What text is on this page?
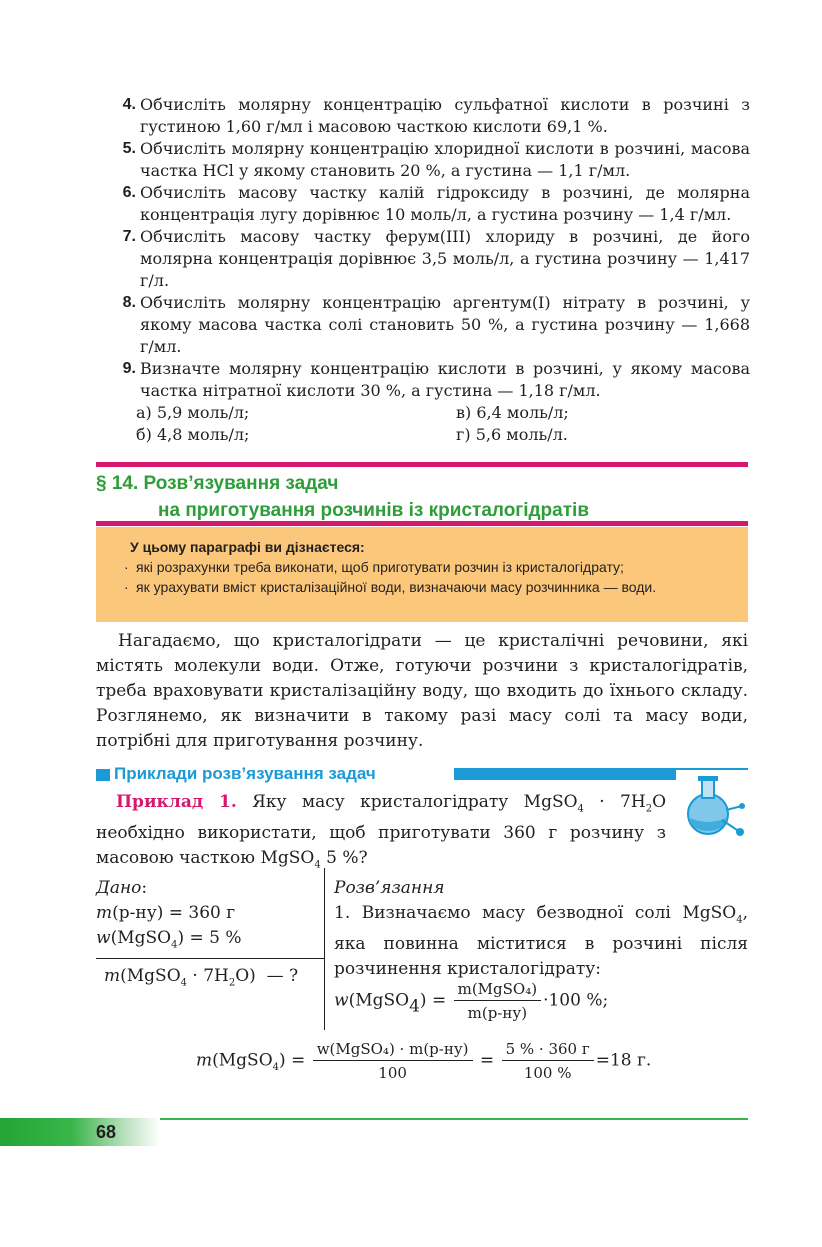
4. Обчисліть молярну концентрацію сульфатної кислоти в розчині з густиною 1,60 г/мл і масовою часткою кислоти 69,1 %.
5. Обчисліть молярну концентрацію хлоридної кислоти в розчині, масова частка HCl у якому становить 20 %, а густина — 1,1 г/мл.
6. Обчисліть масову частку калій гідроксиду в розчині, де молярна концентрація лугу дорівнює 10 моль/л, а густина розчину — 1,4 г/мл.
7. Обчисліть масову частку ферум(III) хлориду в розчині, де його молярна концентрація дорівнює 3,5 моль/л, а густина розчину — 1,417 г/л.
8. Обчисліть молярну концентрацію аргентум(I) нітрату в розчині, у якому масова частка солі становить 50 %, а густина розчину — 1,668 г/мл.
9. Визначте молярну концентрацію кислоти в розчині, у якому масова частка нітратної кислоти 30 %, а густина — 1,18 г/мл.
а) 5,9 моль/л;	в) 6,4 моль/л;
б) 4,8 моль/л;	г) 5,6 моль/л.
§ 14. Розв’язування задач
на приготування розчинів із кристалогідратів
У цьому параграфі ви дізнаєтеся:
· які розрахунки треба виконати, щоб приготувати розчин із кристалогідрату;
· як урахувати вміст кристалізаційної води, визначаючи масу розчинника — води.
Нагадаємо, що кристалогідрати — це кристалічні речовини, які містять молекули води. Отже, готуючи розчини з кристалогідратів, треба враховувати кристалізаційну воду, що входить до їхнього складу. Розглянемо, як визначити в такому разі масу солі та масу води, потрібні для приготування розчину.
Приклади розв’язування задач
Приклад 1. Яку масу кристалогідрату MgSO$_4$ · $7H_2O$ необхідно використати, щоб приготувати 360 г розчину з масовою часткою MgSO$_4$ 5 %?
Дано:
m(р-ну) = 360 г
w(MgSO$_4$) = 5 %
m(MgSO$_4$ · $7H_2O$)  — ?
Розв’язання
1. Визначаємо масу безводної солі MgSO$_4$, яка повинна міститися в розчині після розчинення кристалогідрату:
w(MgSO4) = $\frac{\text{m(MgSO₄)}}{m(р-ну)} \cdot 100$ %;
m(MgSO$_4$) = $\frac{\text{w(MgSO₄) · m(р-ну)}}{100} = \frac{5 \% \cdot 360 г}{100 \%} =18$ г.
68
